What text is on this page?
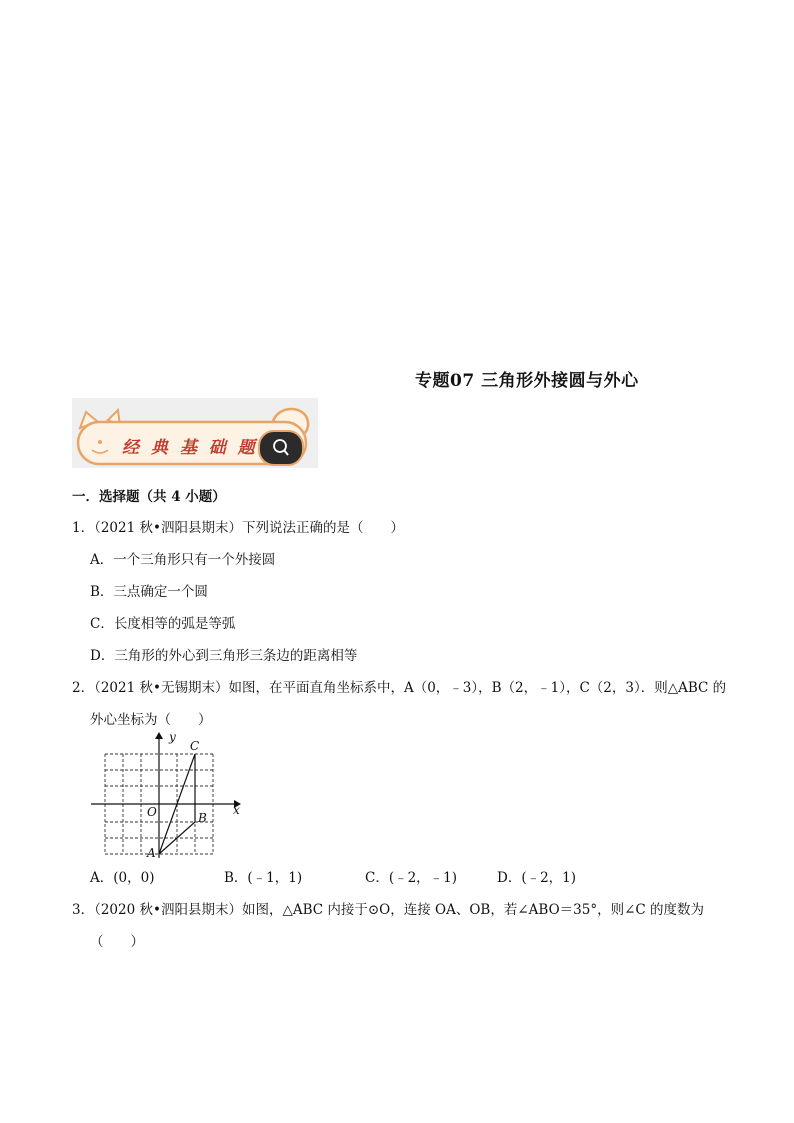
专题07 三角形外接圆与外心
经 典 基 础 题
一．选择题（共 4 小题）
1．（2021 秋•泗阳县期末）下列说法正确的是（　　）
A．一个三角形只有一个外接圆
B．三点确定一个圆
C．长度相等的弧是等弧
D．三角形的外心到三角形三条边的距离相等
2．（2021 秋•无锡期末）如图，在平面直角坐标系中，A（0，﹣3），B（2，﹣1），C（2，3）．则△ABC 的
外心坐标为（　　）
y
x
O
A
B
C
A．(0，0)	B．(﹣1，1)	C．(﹣2，﹣1)	D．(﹣2，1)
3．（2020 秋•泗阳县期末）如图，△ABC 内接于⊙O，连接 OA、OB，若∠ABO＝35°，则∠C 的度数为
（　　）
